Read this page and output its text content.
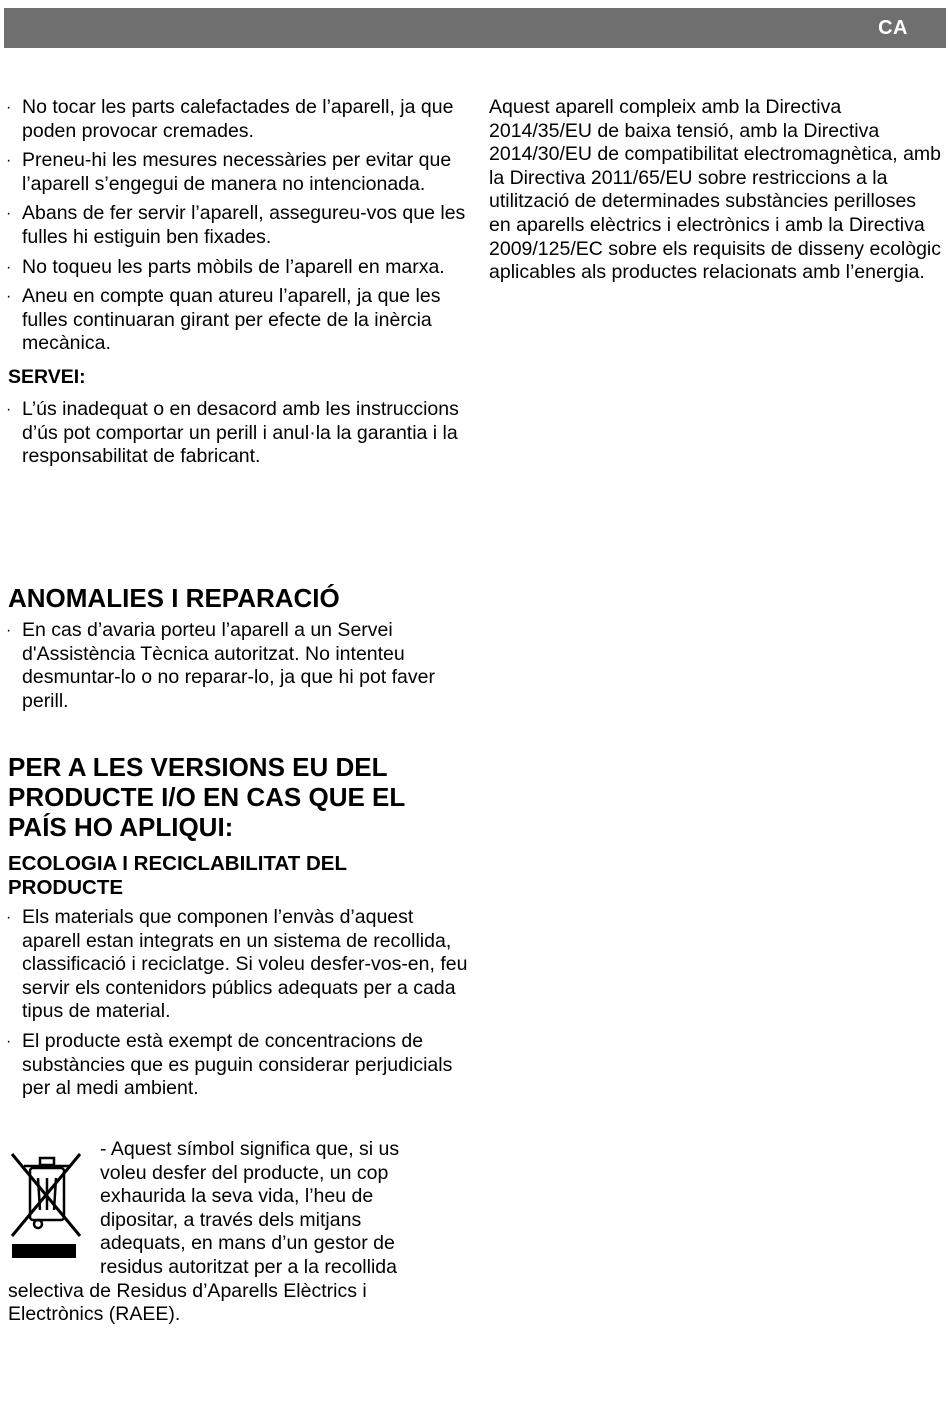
CA
· No tocar les parts calefactades de l’aparell, ja que poden provocar cremades.
· Preneu-hi les mesures necessàries per evitar que l’aparell s’engegui de manera no intencionada.
· Abans de fer servir l’aparell, assegureu-vos que les fulles hi estiguin ben fixades.
· No toqueu les parts mòbils de l’aparell en marxa.
· Aneu en compte quan atureu l’aparell, ja que les fulles continuaran girant per efecte de la inèrcia mecànica.
SERVEI:
· L’ús inadequat o en desacord amb les instruccions d’ús pot comportar un perill i anul·la la garantia i la responsabilitat de fabricant.
ANOMALIES I REPARACIÓ
· En cas d’avaria porteu l’aparell a un Servei d'Assistència Tècnica autoritzat. No intenteu desmuntar-lo o no reparar-lo, ja que hi pot faver perill.
PER A LES VERSIONS EU DEL
PRODUCTE I/O EN CAS QUE EL
PAÍS HO APLIQUI:
ECOLOGIA I RECICLABILITAT DEL
PRODUCTE
· Els materials que componen l’envàs d’aquest aparell estan integrats en un sistema de recollida, classificació i reciclatge. Si voleu desfer-vos-en, feu servir els contenidors públics adequats per a cada tipus de material.
· El producte està exempt de concentracions de substàncies que es puguin considerar perjudicials per al medi ambient.

- Aquest símbol significa que, si us voleu desfer del producte, un cop exhaurida la seva vida, l’heu de dipositar, a través dels mitjans adequats, en mans d’un gestor de residus autoritzat per a la recollida selectiva de Residus d’Aparells Elèctrics i Electrònics (RAEE).

Aquest aparell compleix amb la Directiva 2014/35/EU de baixa tensió, amb la Directiva 2014/30/EU de compatibilitat electromagnètica, amb la Directiva 2011/65/EU sobre restriccions a la utilització de determinades substàncies perilloses en aparells elèctrics i electrònics i amb la Directiva 2009/125/EC sobre els requisits de disseny ecològic aplicables als productes relacionats amb l’energia.
